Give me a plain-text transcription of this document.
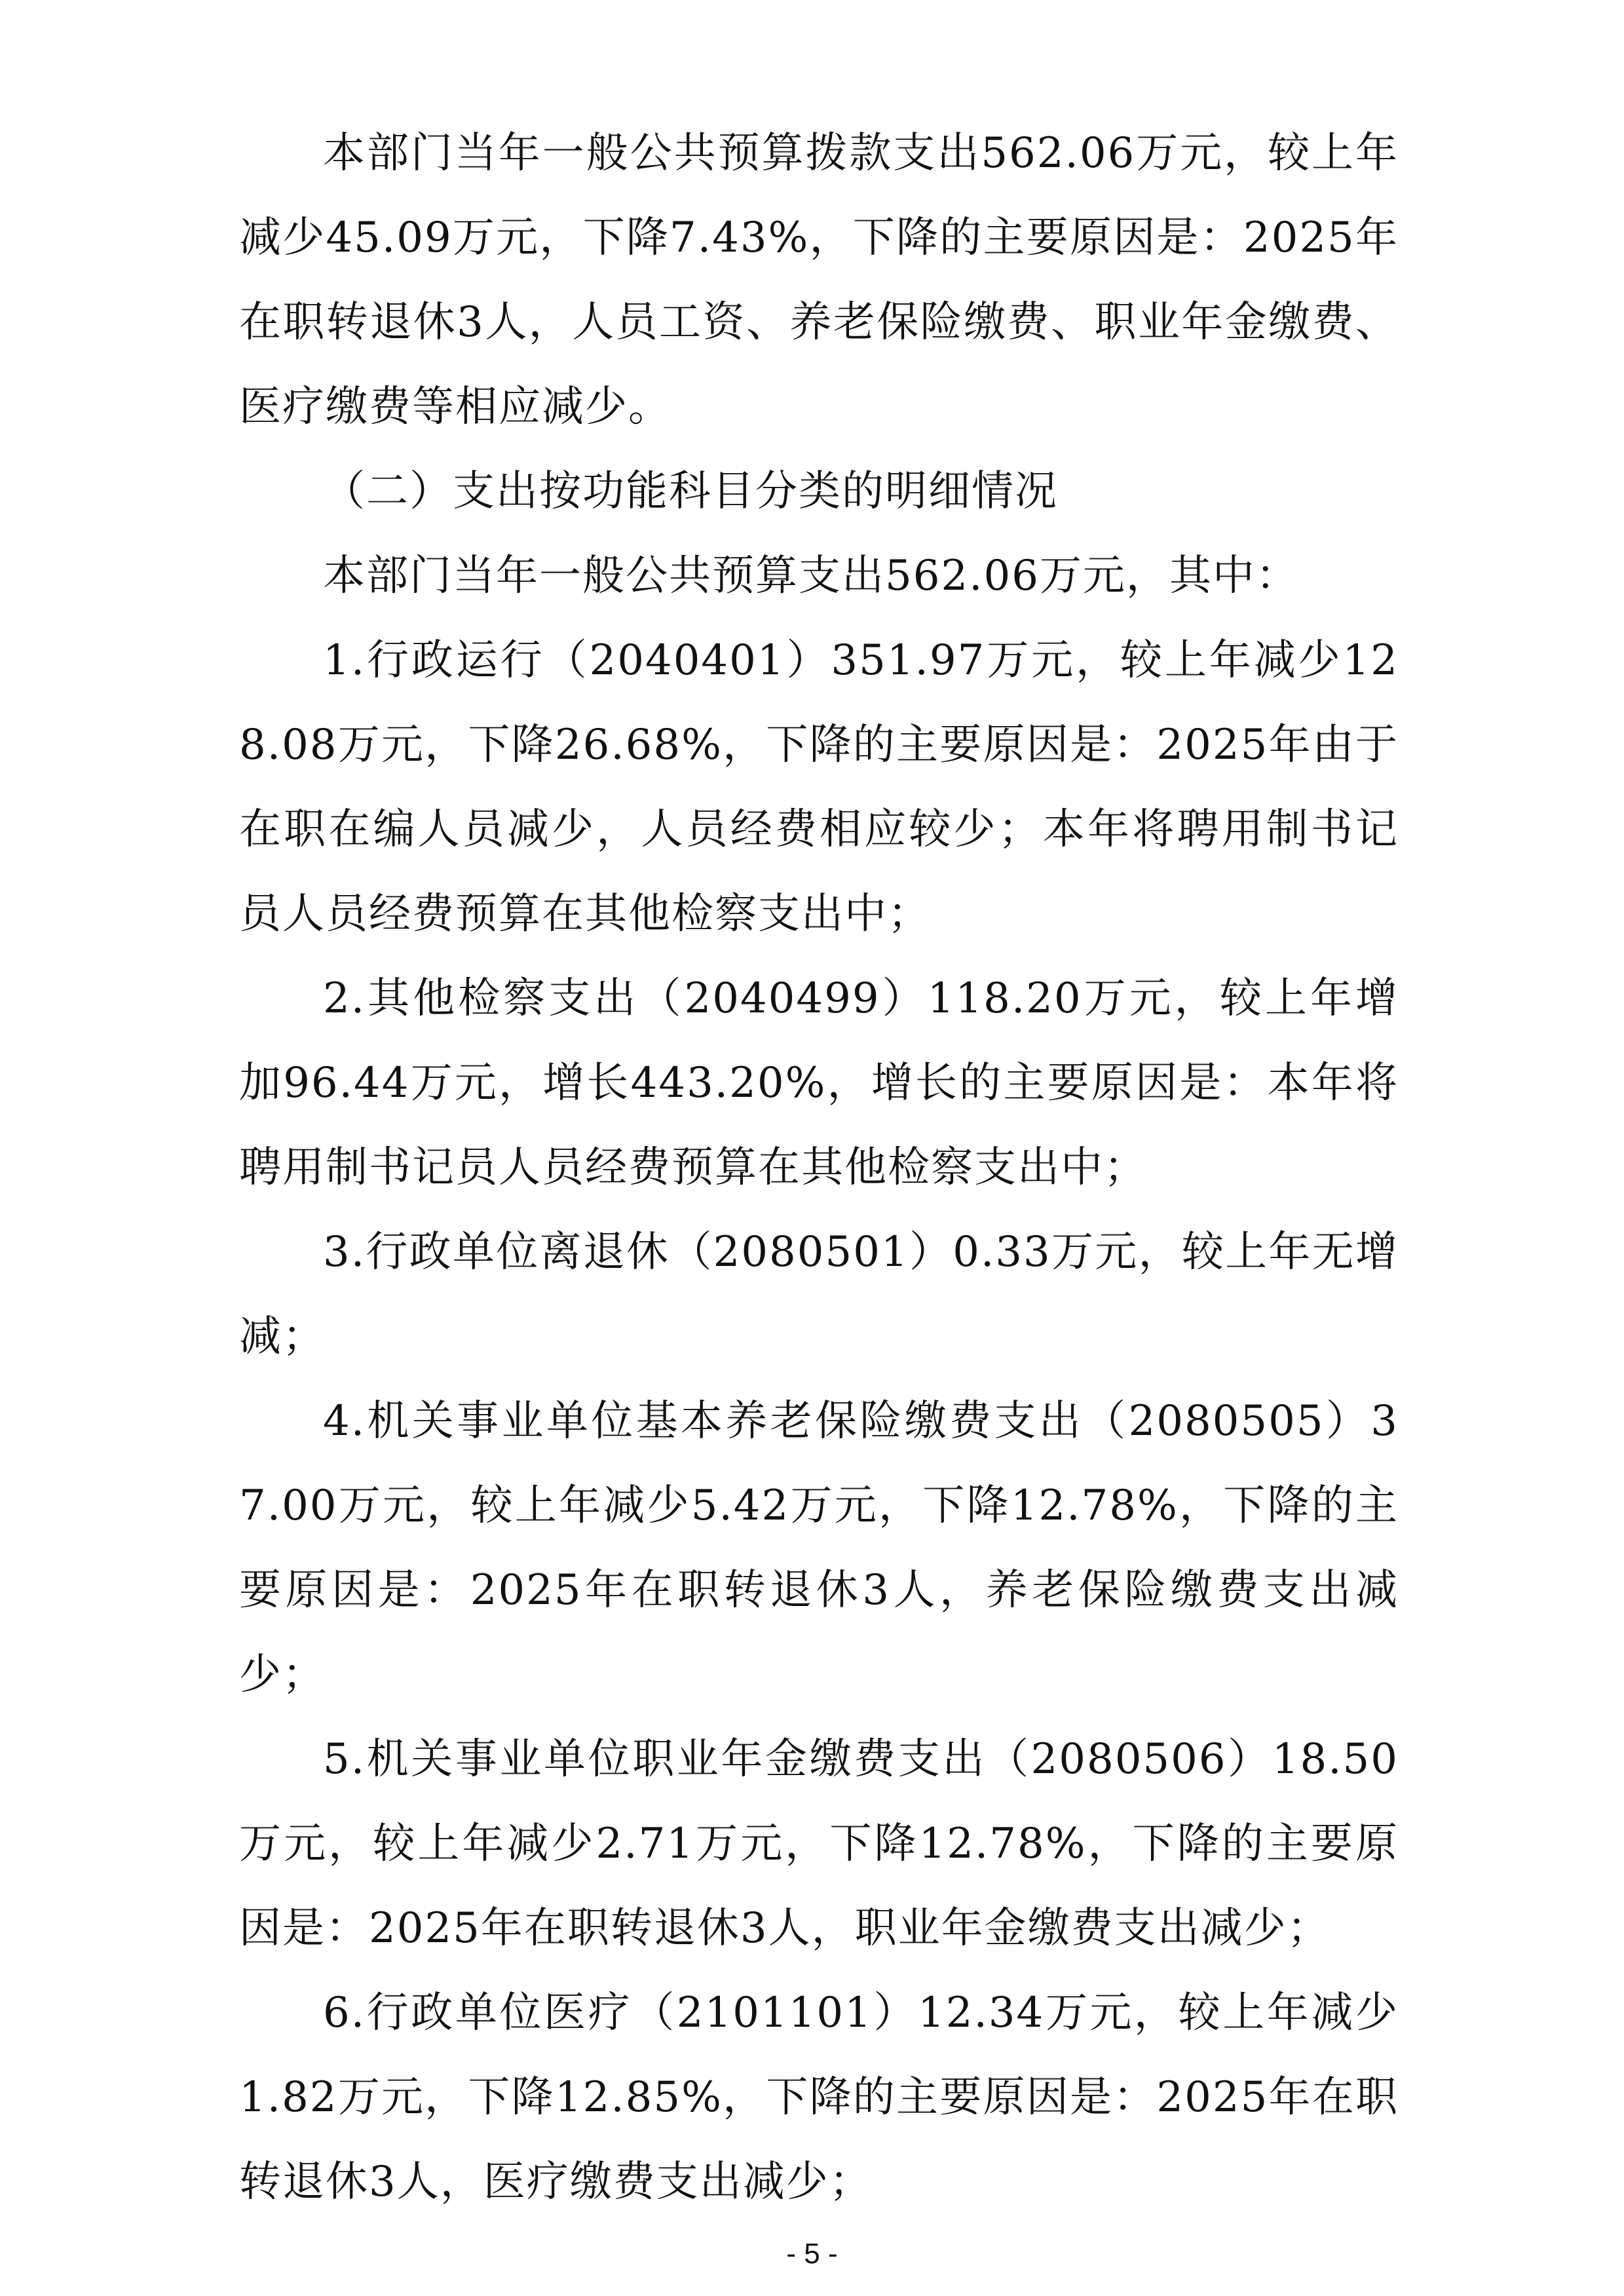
本部门当年一般公共预算拨款支出562.06万元，较上年减少45.09万元，下降7.43%，下降的主要原因是：2025年在职转退休3人，人员工资、养老保险缴费、职业年金缴费、医疗缴费等相应减少。

（二）支出按功能科目分类的明细情况

本部门当年一般公共预算支出562.06万元，其中：

1.行政运行（2040401）351.97万元，较上年减少128.08万元，下降26.68%，下降的主要原因是：2025年由于在职在编人员减少，人员经费相应较少；本年将聘用制书记员人员经费预算在其他检察支出中；

2.其他检察支出（2040499）118.20万元，较上年增加96.44万元，增长443.20%，增长的主要原因是：本年将聘用制书记员人员经费预算在其他检察支出中；

3.行政单位离退休（2080501）0.33万元，较上年无增减；

4.机关事业单位基本养老保险缴费支出（2080505）37.00万元，较上年减少5.42万元，下降12.78%，下降的主要原因是：2025年在职转退休3人，养老保险缴费支出减少；

5.机关事业单位职业年金缴费支出（2080506）18.50万元，较上年减少2.71万元，下降12.78%，下降的主要原因是：2025年在职转退休3人，职业年金缴费支出减少；

6.行政单位医疗（2101101）12.34万元，较上年减少1.82万元，下降12.85%，下降的主要原因是：2025年在职转退休3人，医疗缴费支出减少；

- 5 -
